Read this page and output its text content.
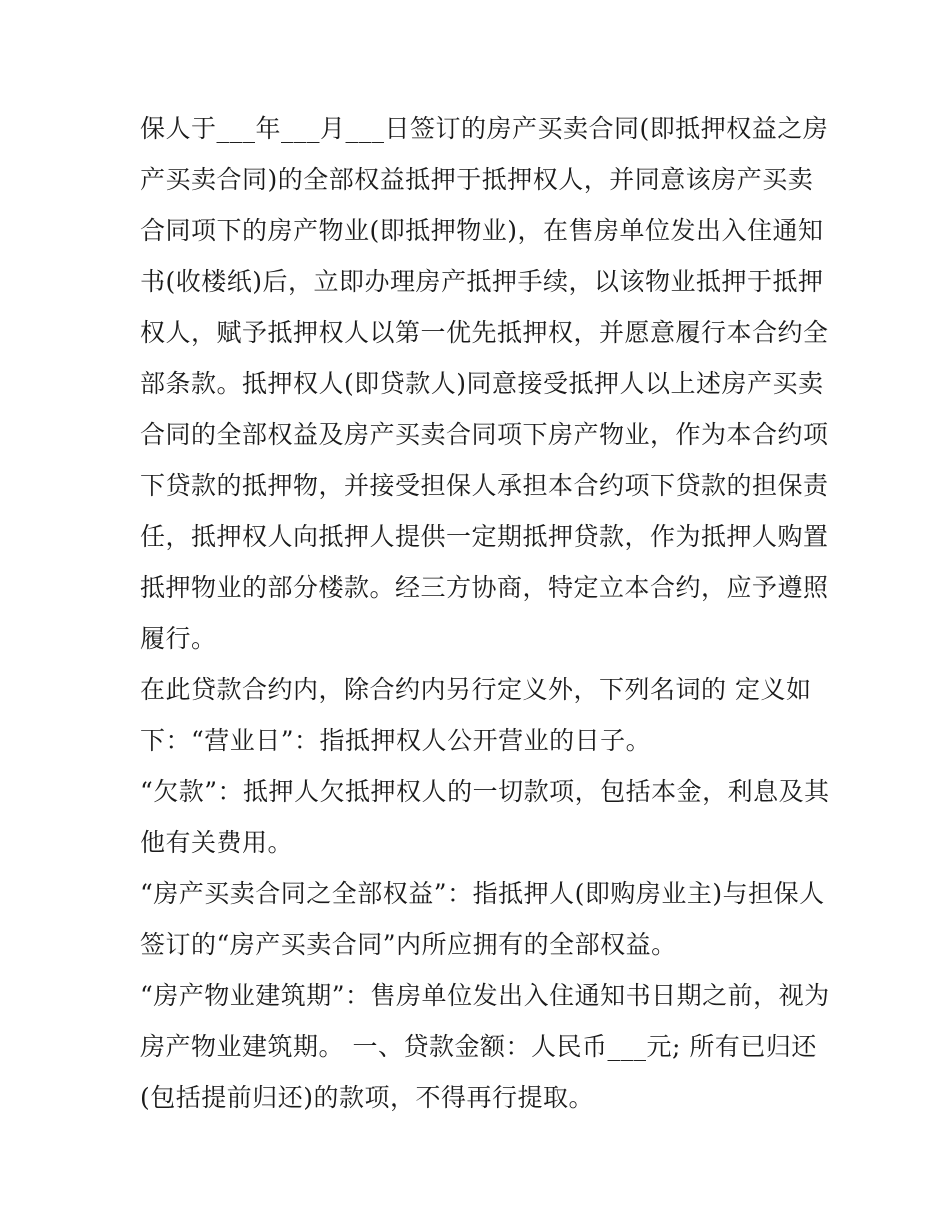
保人于___年___月___日签订的房产买卖合同(即抵押权益之房
产买卖合同)的全部权益抵押于抵押权人，并同意该房产买卖
合同项下的房产物业(即抵押物业)，在售房单位发出入住通知
书(收楼纸)后，立即办理房产抵押手续，以该物业抵押于抵押
权人，赋予抵押权人以第一优先抵押权，并愿意履行本合约全
部条款。抵押权人(即贷款人)同意接受抵押人以上述房产买卖
合同的全部权益及房产买卖合同项下房产物业，作为本合约项
下贷款的抵押物，并接受担保人承担本合约项下贷款的担保责
任，抵押权人向抵押人提供一定期抵押贷款，作为抵押人购置
抵押物业的部分楼款。经三方协商，特定立本合约，应予遵照
履行。
在此贷款合约内，除合约内另行定义外，下列名词的 定义如
下：“营业日”：指抵押权人公开营业的日子。
“欠款”：抵押人欠抵押权人的一切款项，包括本金，利息及其
他有关费用。
“房产买卖合同之全部权益”：指抵押人(即购房业主)与担保人
签订的“房产买卖合同”内所应拥有的全部权益。
“房产物业建筑期”：售房单位发出入住通知书日期之前，视为
房产物业建筑期。 一、贷款金额：人民币___元; 所有已归还
(包括提前归还)的款项，不得再行提取。
